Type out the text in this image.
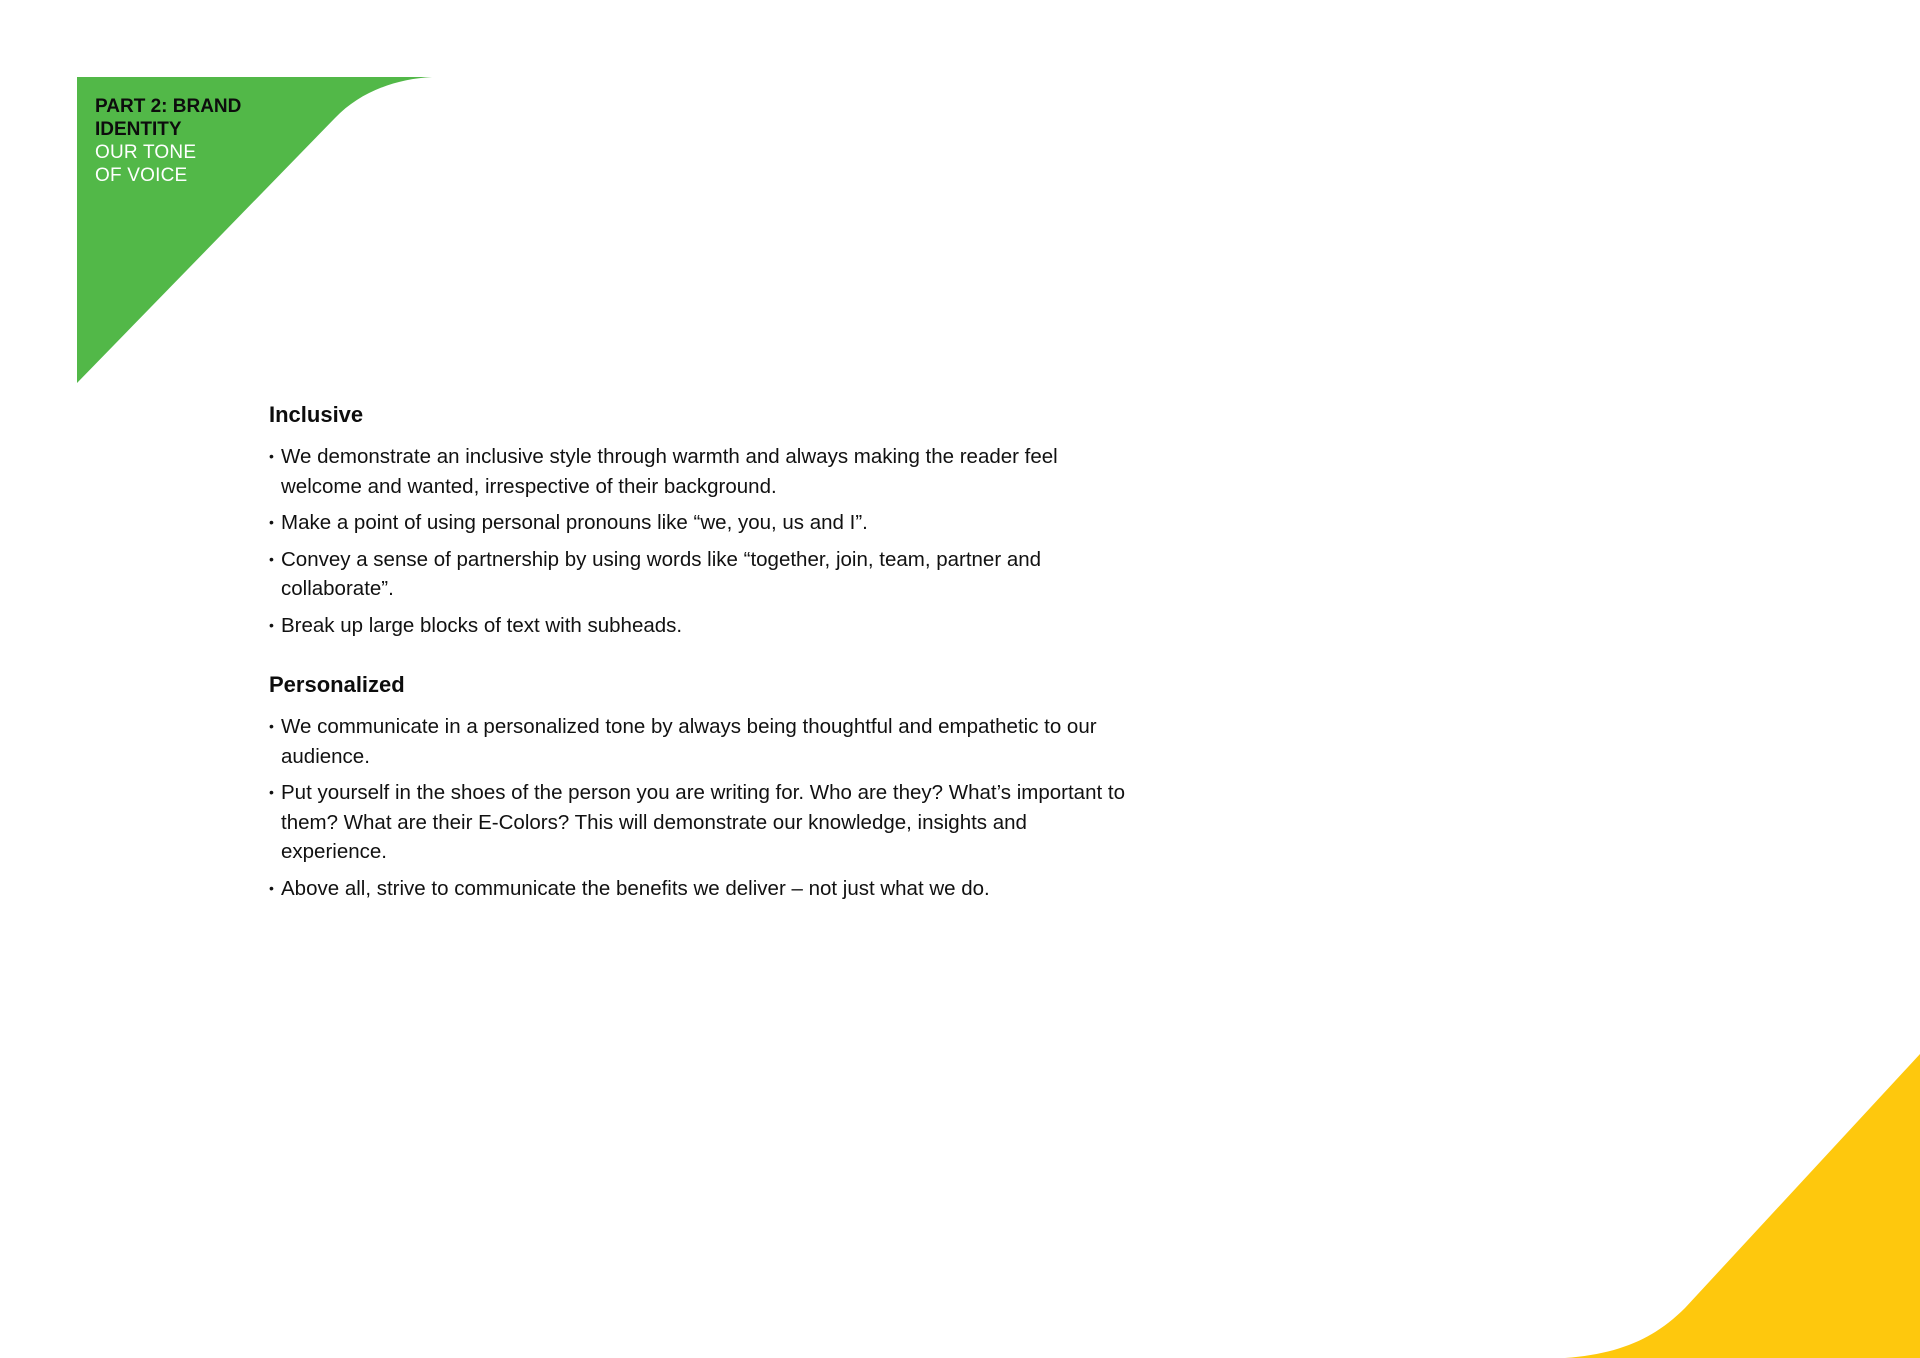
PART 2: BRAND
IDENTITY
OUR TONE
OF VOICE
Inclusive
• We demonstrate an inclusive style through warmth and always making the reader feel welcome and wanted, irrespective of their background.
• Make a point of using personal pronouns like “we, you, us and I”.
• Convey a sense of partnership by using words like “together, join, team, partner and collaborate”.
• Break up large blocks of text with subheads.
Personalized
• We communicate in a personalized tone by always being thoughtful and empathetic to our audience.
• Put yourself in the shoes of the person you are writing for. Who are they? What’s important to them? What are their E-Colors? This will demonstrate our knowledge, insights and experience.
• Above all, strive to communicate the benefits we deliver – not just what we do.
